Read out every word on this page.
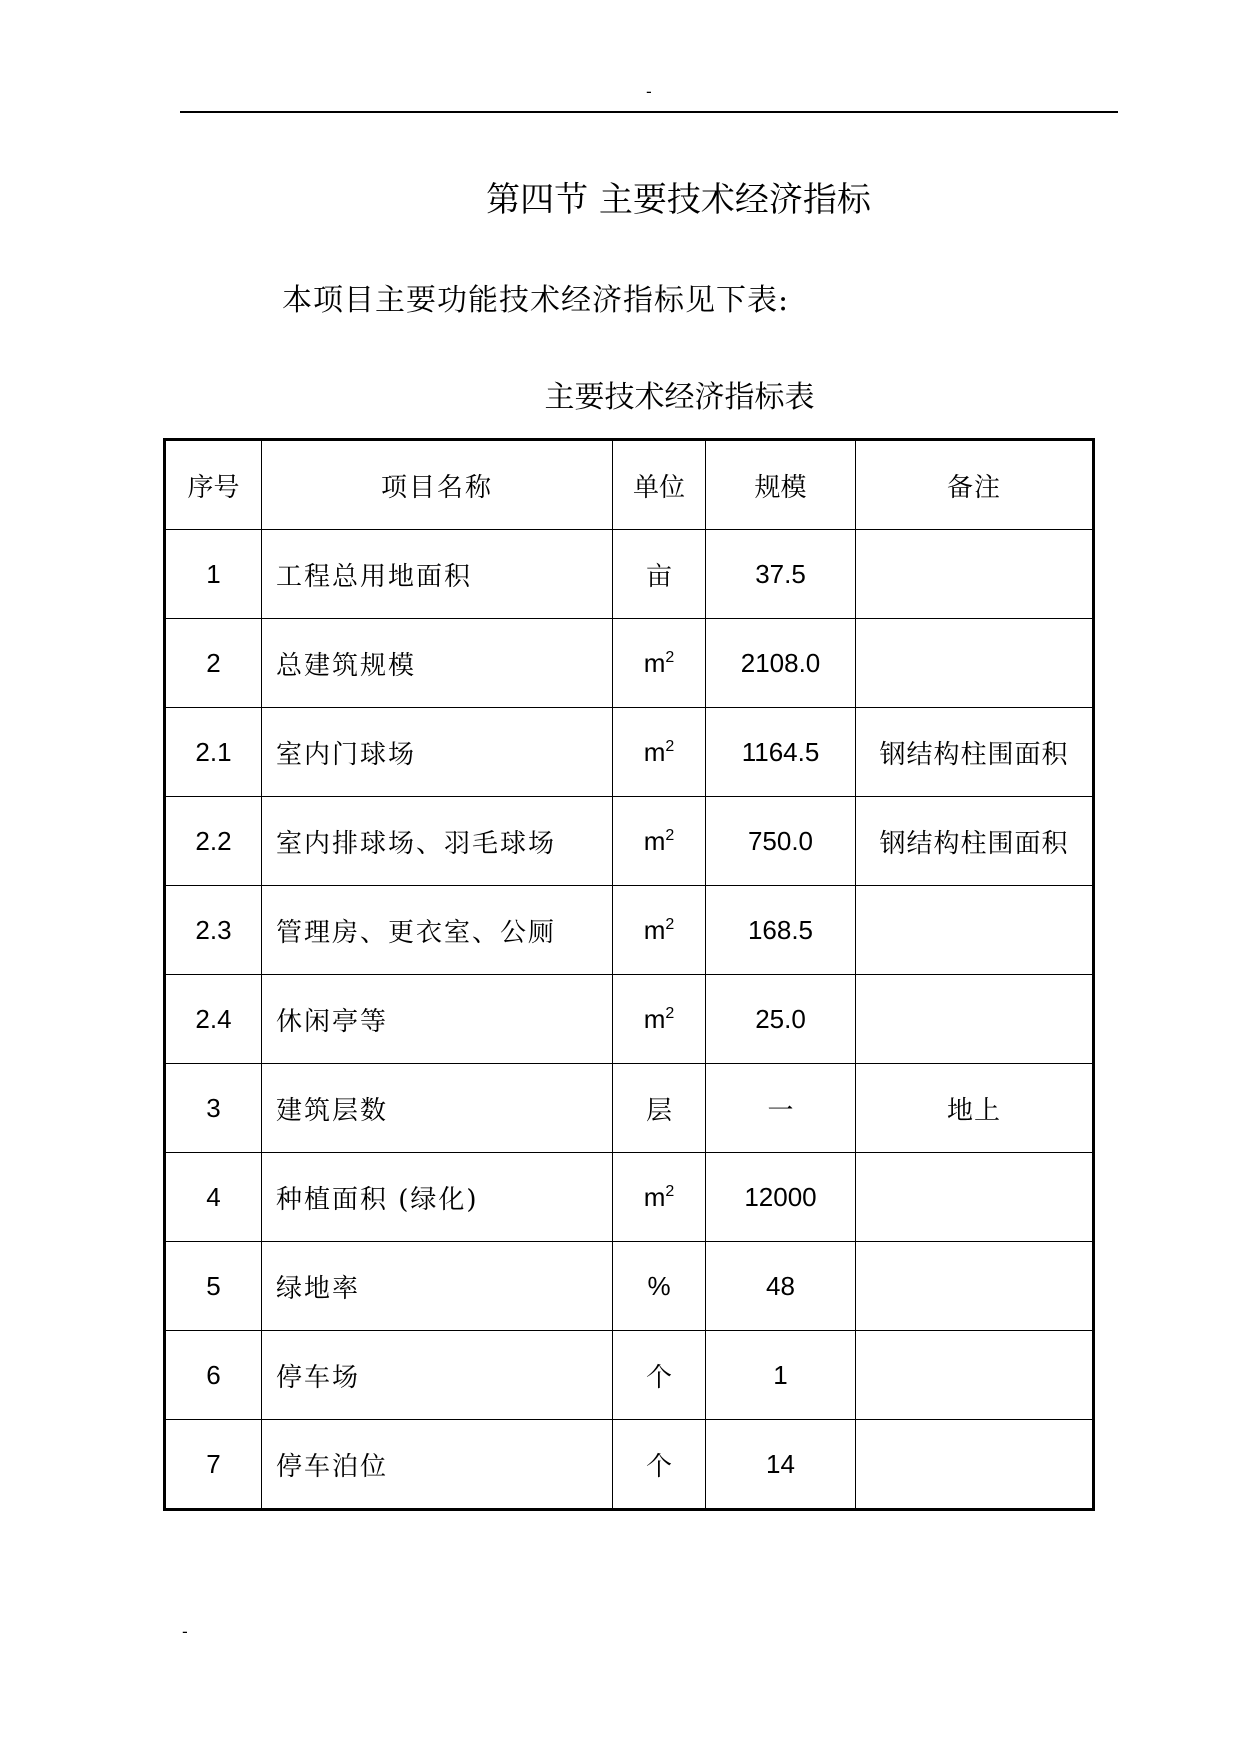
-
第四节 主要技术经济指标
本项目主要功能技术经济指标见下表:
主要技术经济指标表
序号	项目名称	单位	规模	备注
1	工程总用地面积	亩	37.5	
2	总建筑规模	$m^2$	2108.0	
2.1	室内门球场	$m^2$	1164.5	钢结构柱围面积
2.2	室内排球场、羽毛球场	$m^2$	750.0	钢结构柱围面积
2.3	管理房、更衣室、公厕	$m^2$	168.5	
2.4	休闲亭等	$m^2$	25.0	
3	建筑层数	层	一	地上
4	种植面积 (绿化)	$m^2$	12000	
5	绿地率	%	48	
6	停车场	个	1	
7	停车泊位	个	14	
-
